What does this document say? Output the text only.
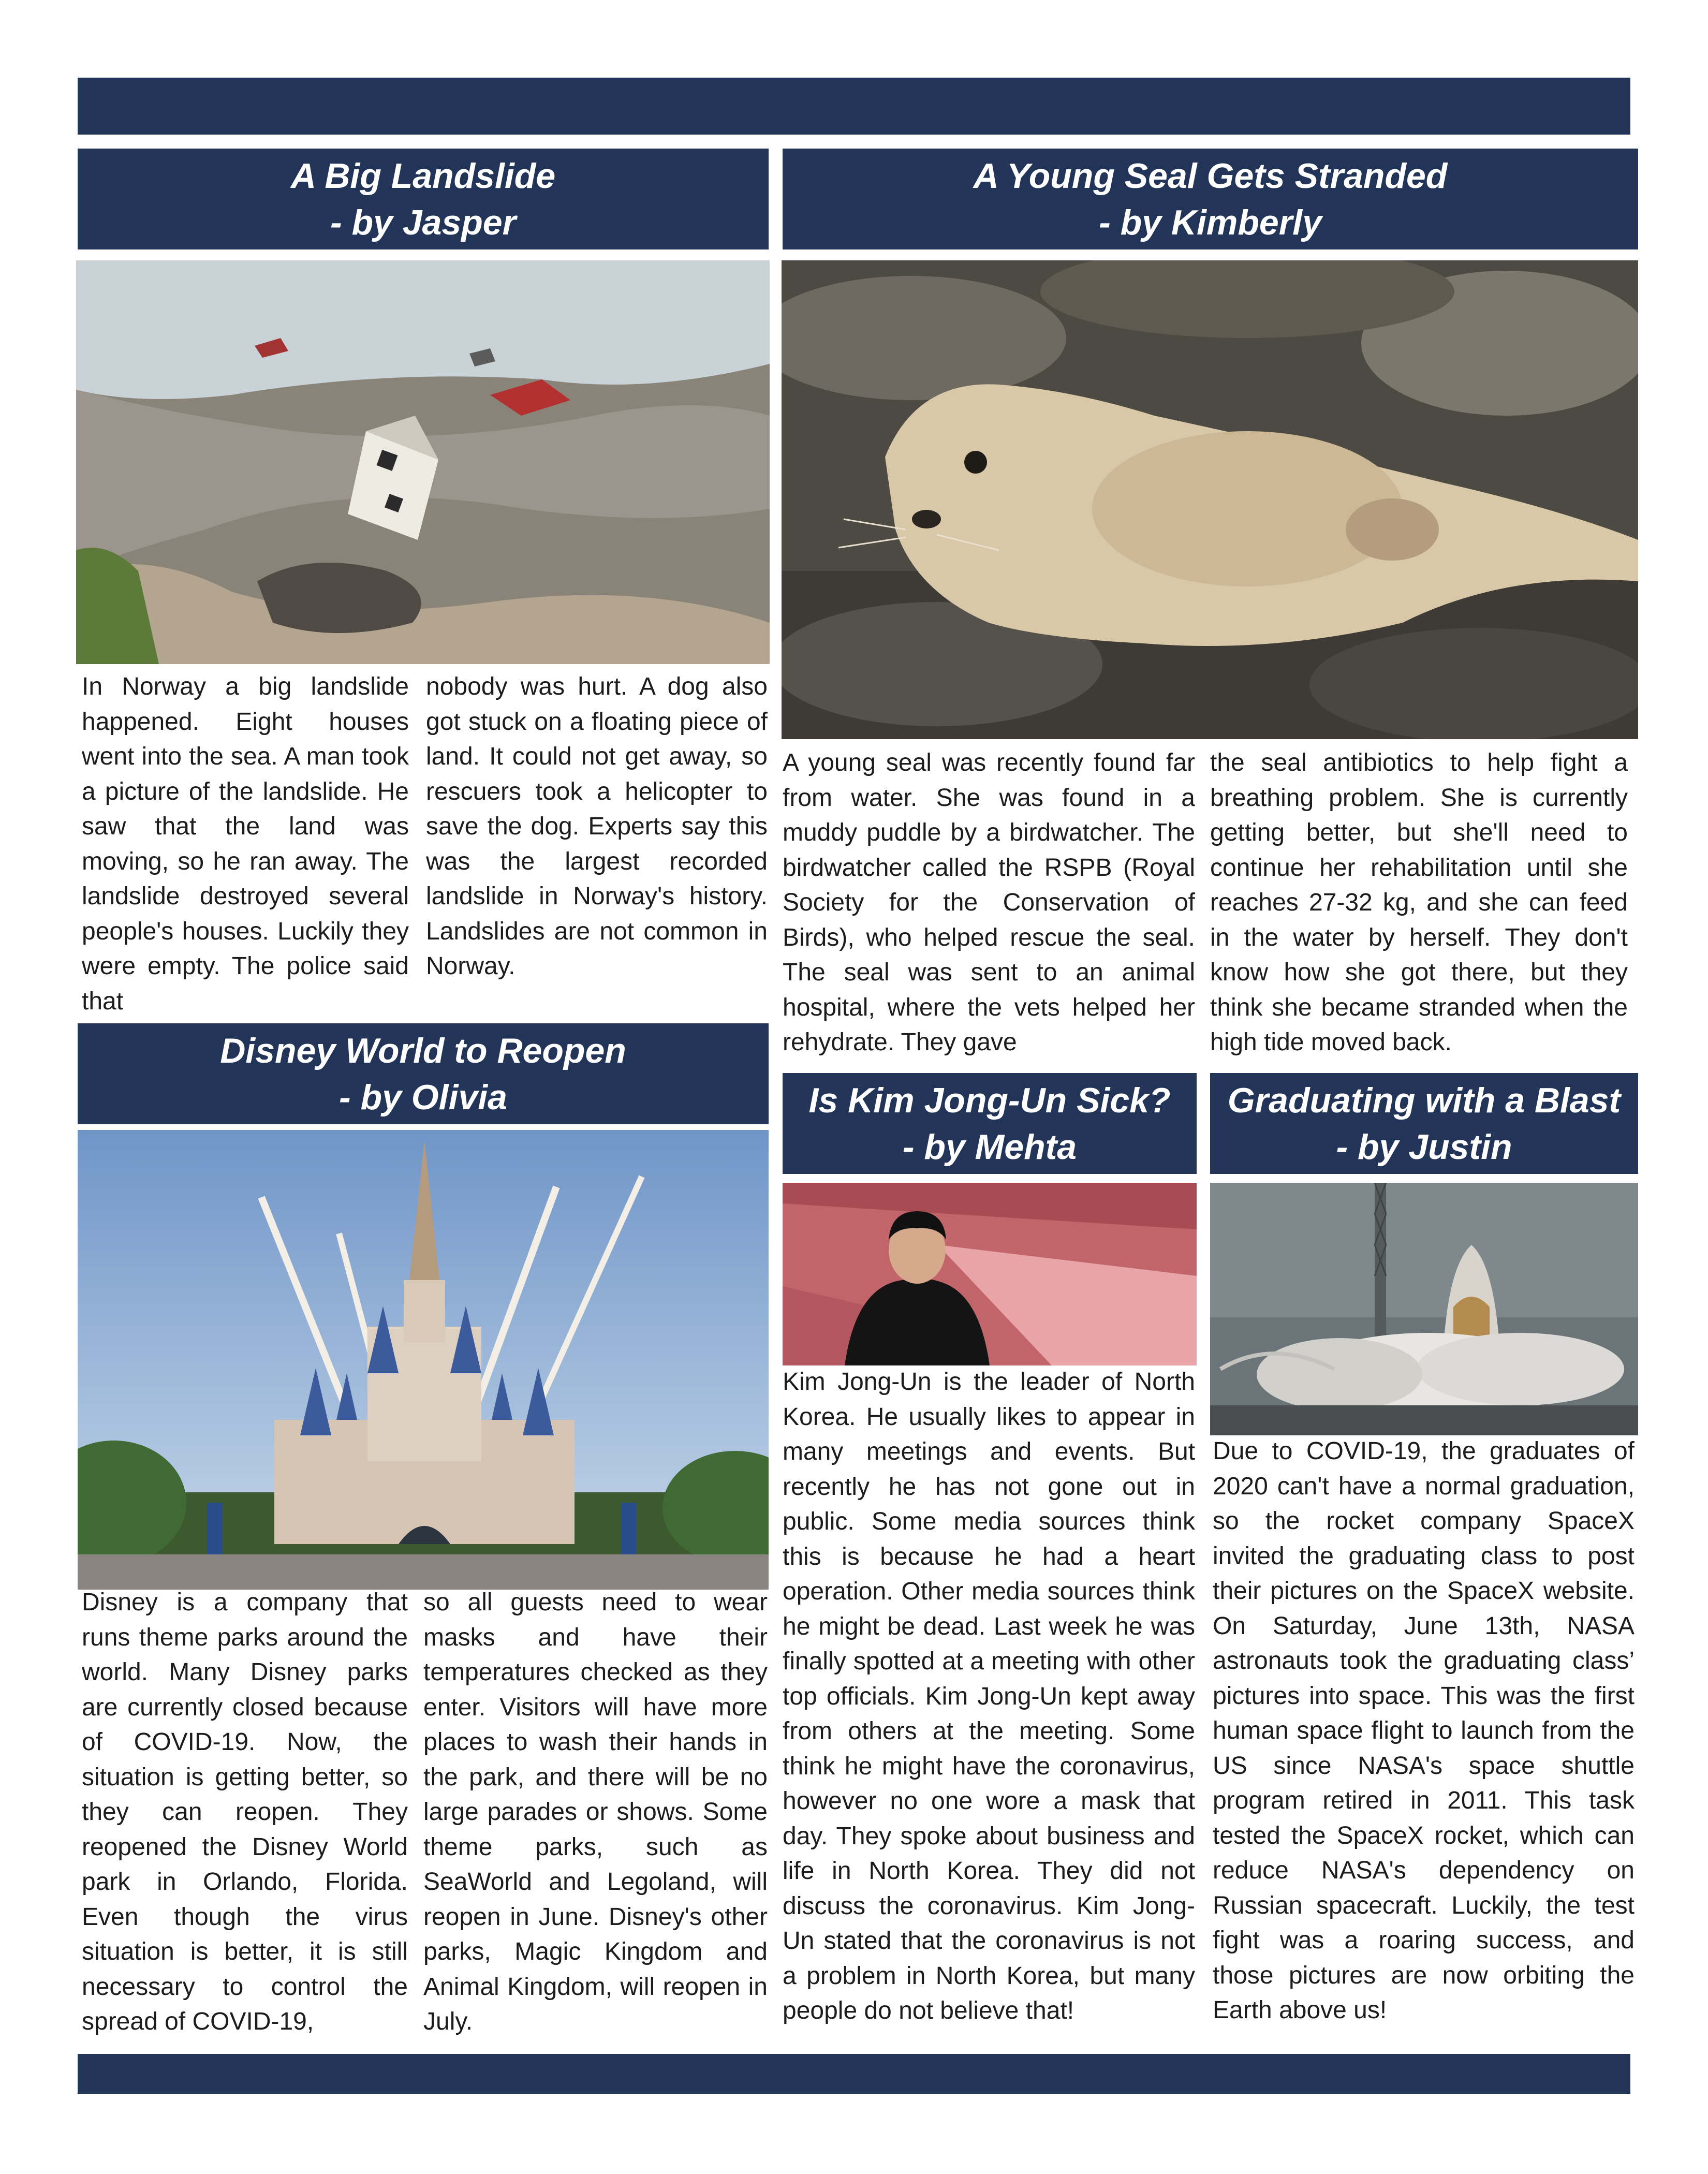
A Big Landslide
- by Jasper

In Norway a big landslide happened. Eight houses went into the sea. A man took a picture of the landslide. He saw that the land was moving, so he ran away. The landslide destroyed several people's houses. Luckily they were empty. The police said that

nobody was hurt. A dog also got stuck on a floating piece of land. It could not get away, so rescuers took a helicopter to save the dog. Experts say this was the largest recorded landslide in Norway's history. Landslides are not common in Norway.

A Young Seal Gets Stranded
- by Kimberly

A young seal was recently found far from water. She was found in a muddy puddle by a birdwatcher. The birdwatcher called the RSPB (Royal Society for the Conservation of Birds), who helped rescue the seal. The seal was sent to an animal hospital, where the vets helped her rehydrate. They gave

the seal antibiotics to help fight a breathing problem. She is currently getting better, but she'll need to continue her rehabilitation until she reaches 27-32 kg, and she can feed in the water by herself. They don't know how she got there, but they think she became stranded when the high tide moved back.

Disney World to Reopen
- by Olivia

Disney is a company that runs theme parks around the world. Many Disney parks are currently closed because of COVID-19. Now, the situation is getting better, so they can reopen. They reopened the Disney World park in Orlando, Florida. Even though the virus situation is better, it is still necessary to control the spread of COVID-19,

so all guests need to wear masks and have their temperatures checked as they enter. Visitors will have more places to wash their hands in the park, and there will be no large parades or shows. Some theme parks, such as SeaWorld and Legoland, will reopen in June. Disney's other parks, Magic Kingdom and Animal Kingdom, will reopen in July.

Is Kim Jong-Un Sick?
- by Mehta

Kim Jong-Un is the leader of North Korea. He usually likes to appear in many meetings and events. But recently he has not gone out in public. Some media sources think this is because he had a heart operation. Other media sources think he might be dead. Last week he was finally spotted at a meeting with other top officials. Kim Jong-Un kept away from others at the meeting. Some think he might have the coronavirus, however no one wore a mask that day. They spoke about business and life in North Korea. They did not discuss the coronavirus. Kim Jong-Un stated that the coronavirus is not a problem in North Korea, but many people do not believe that!

Graduating with a Blast
- by Justin

Due to COVID-19, the graduates of 2020 can't have a normal graduation, so the rocket company SpaceX invited the graduating class to post their pictures on the SpaceX website. On Saturday, June 13th, NASA astronauts took the graduating class’ pictures into space. This was the first human space flight to launch from the US since NASA's space shuttle program retired in 2011. This task tested the SpaceX rocket, which can reduce NASA's dependency on Russian spacecraft. Luckily, the test fight was a roaring success, and those pictures are now orbiting the Earth above us!
